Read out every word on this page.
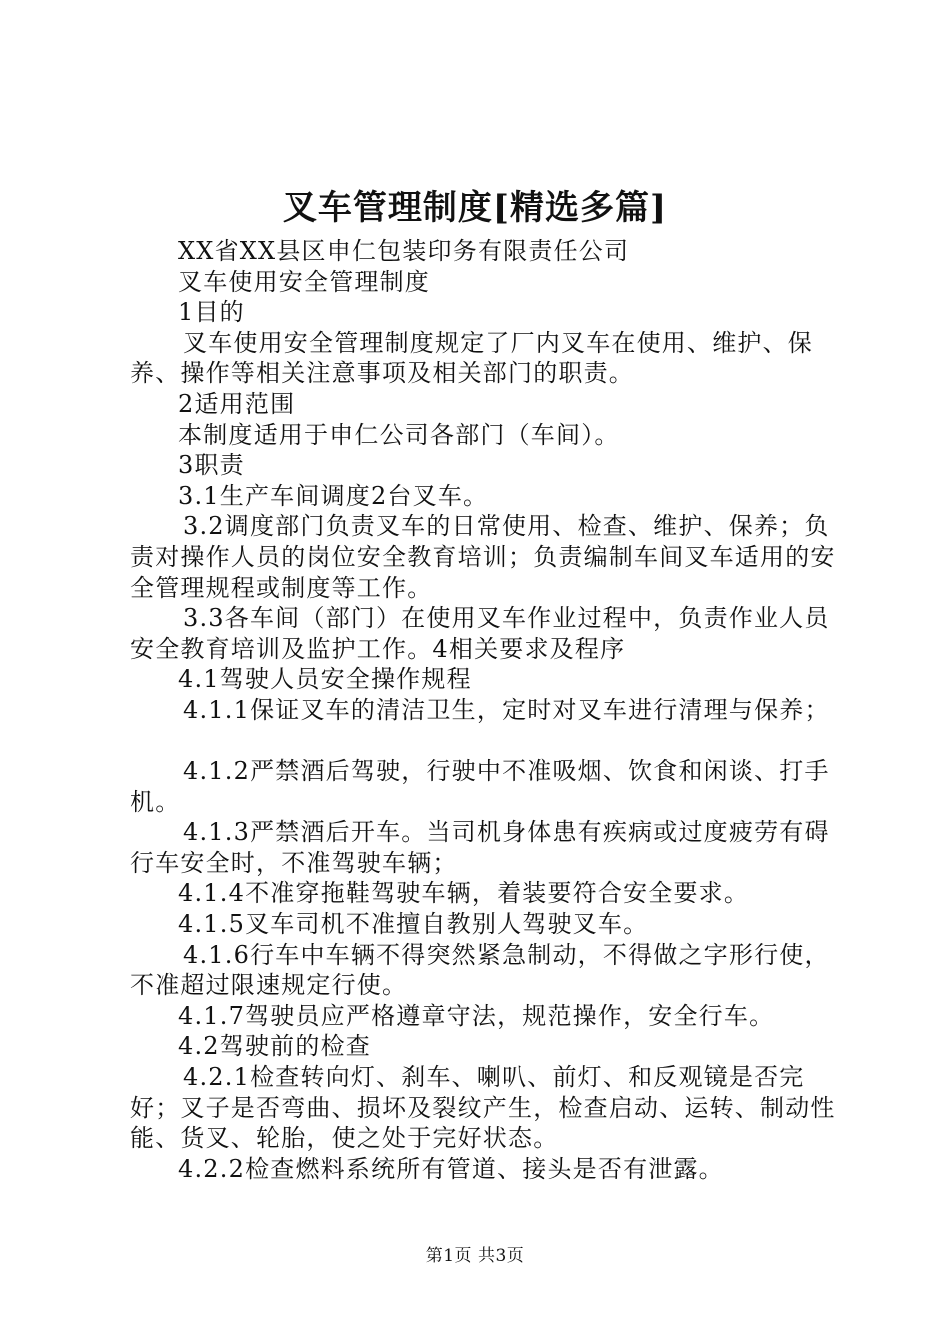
叉车管理制度[精选多篇]

XX省XX县区申仁包装印务有限责任公司

叉车使用安全管理制度

1目的

叉车使用安全管理制度规定了厂内叉车在使用、维护、保养、操作等相关注意事项及相关部门的职责。

2适用范围

本制度适用于申仁公司各部门（车间）。

3职责

3.1生产车间调度2台叉车。

3.2调度部门负责叉车的日常使用、检查、维护、保养；负责对操作人员的岗位安全教育培训；负责编制车间叉车适用的安全管理规程或制度等工作。

3.3各车间（部门）在使用叉车作业过程中，负责作业人员安全教育培训及监护工作。4相关要求及程序

4.1驾驶人员安全操作规程

4.1.1保证叉车的清洁卫生，定时对叉车进行清理与保养；

4.1.2严禁酒后驾驶，行驶中不准吸烟、饮食和闲谈、打手机。

4.1.3严禁酒后开车。当司机身体患有疾病或过度疲劳有碍行车安全时，不准驾驶车辆；

4.1.4不准穿拖鞋驾驶车辆，着装要符合安全要求。

4.1.5叉车司机不准擅自教别人驾驶叉车。

4.1.6行车中车辆不得突然紧急制动，不得做之字形行使，不准超过限速规定行使。

4.1.7驾驶员应严格遵章守法，规范操作，安全行车。

4.2驾驶前的检查

4.2.1检查转向灯、刹车、喇叭、前灯、和反观镜是否完好；叉子是否弯曲、损坏及裂纹产生，检查启动、运转、制动性能、货叉、轮胎，使之处于完好状态。

4.2.2检查燃料系统所有管道、接头是否有泄露。

第1页 共3页
